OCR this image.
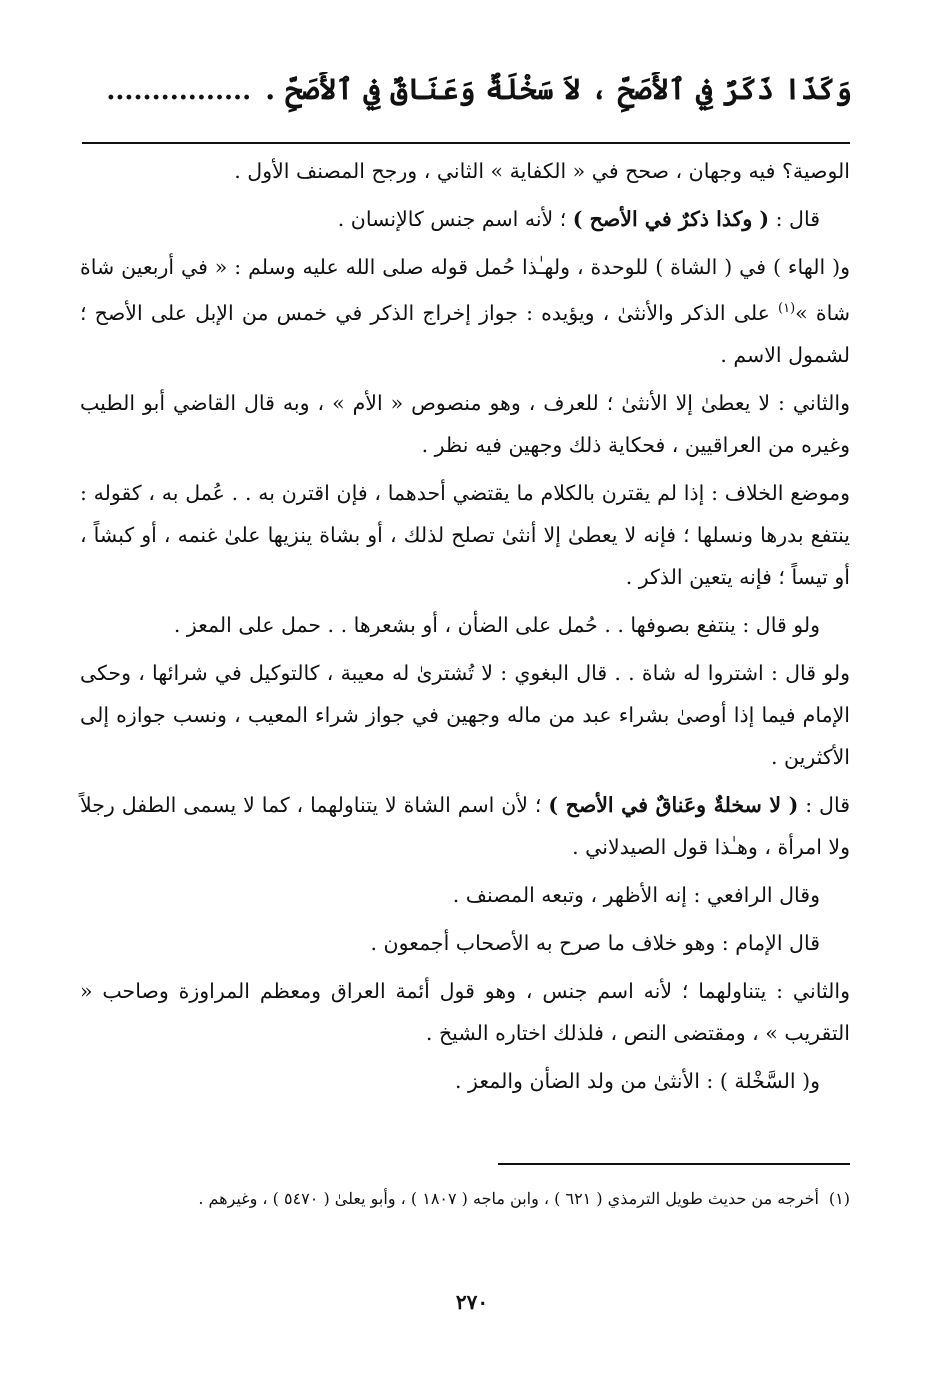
وَكَذَا ذَكَرٌ فِي ٱلأَصَحِّ ، لاَ سَخْلَةٌ وَعَنَاقٌ فِي ٱلأَصَحِّ .................

الوصية؟ فيه وجهان ، صحح في « الكفاية » الثاني ، ورجح المصنف الأول .

قال : ( وكذا ذكرٌ في الأصح ) ؛ لأنه اسم جنس كالإنسان .

و( الهاء ) في ( الشاة ) للوحدة ، ولهـٰذا حُمل قوله صلى الله عليه وسلم : « في أربعين شاة شاة »$^{(١)}$ على الذكر والأنثىٰ ، ويؤيده : جواز إخراج الذكر في خمس من الإبل على الأصح ؛ لشمول الاسم .

والثاني : لا يعطىٰ إلا الأنثىٰ ؛ للعرف ، وهو منصوص « الأم » ، وبه قال القاضي أبو الطيب وغيره من العراقيين ، فحكاية ذلك وجهين فيه نظر .

وموضع الخلاف : إذا لم يقترن بالكلام ما يقتضي أحدهما ، فإن اقترن به . . عُمل به ، كقوله : ينتفع بدرها ونسلها ؛ فإنه لا يعطىٰ إلا أنثىٰ تصلح لذلك ، أو بشاة ينزيها علىٰ غنمه ، أو كبشاً ، أو تيساً ؛ فإنه يتعين الذكر .

ولو قال : ينتفع بصوفها . . حُمل على الضأن ، أو بشعرها . . حمل على المعز .

ولو قال : اشتروا له شاة . . قال البغوي : لا تُشترىٰ له معيبة ، كالتوكيل في شرائها ، وحكى الإمام فيما إذا أوصىٰ بشراء عبد من ماله وجهين في جواز شراء المعيب ، ونسب جوازه إلى الأكثرين .

قال : ( لا سخلةٌ وعَناقٌ في الأصح ) ؛ لأن اسم الشاة لا يتناولهما ، كما لا يسمى الطفل رجلاً ولا امرأة ، وهـٰذا قول الصيدلاني .

وقال الرافعي : إنه الأظهر ، وتبعه المصنف .

قال الإمام : وهو خلاف ما صرح به الأصحاب أجمعون .

والثاني : يتناولهما ؛ لأنه اسم جنس ، وهو قول أئمة العراق ومعظم المراوزة وصاحب « التقريب » ، ومقتضى النص ، فلذلك اختاره الشيخ .

و( السَّخْلة ) : الأنثىٰ من ولد الضأن والمعز .

(١)أخرجه من حديث طويل الترمذي ( ٦٢١ ) ، وابن ماجه ( ١٨٠٧ ) ، وأبو يعلىٰ ( ٥٤٧٠ ) ، وغيرهم .
٢٧٠
